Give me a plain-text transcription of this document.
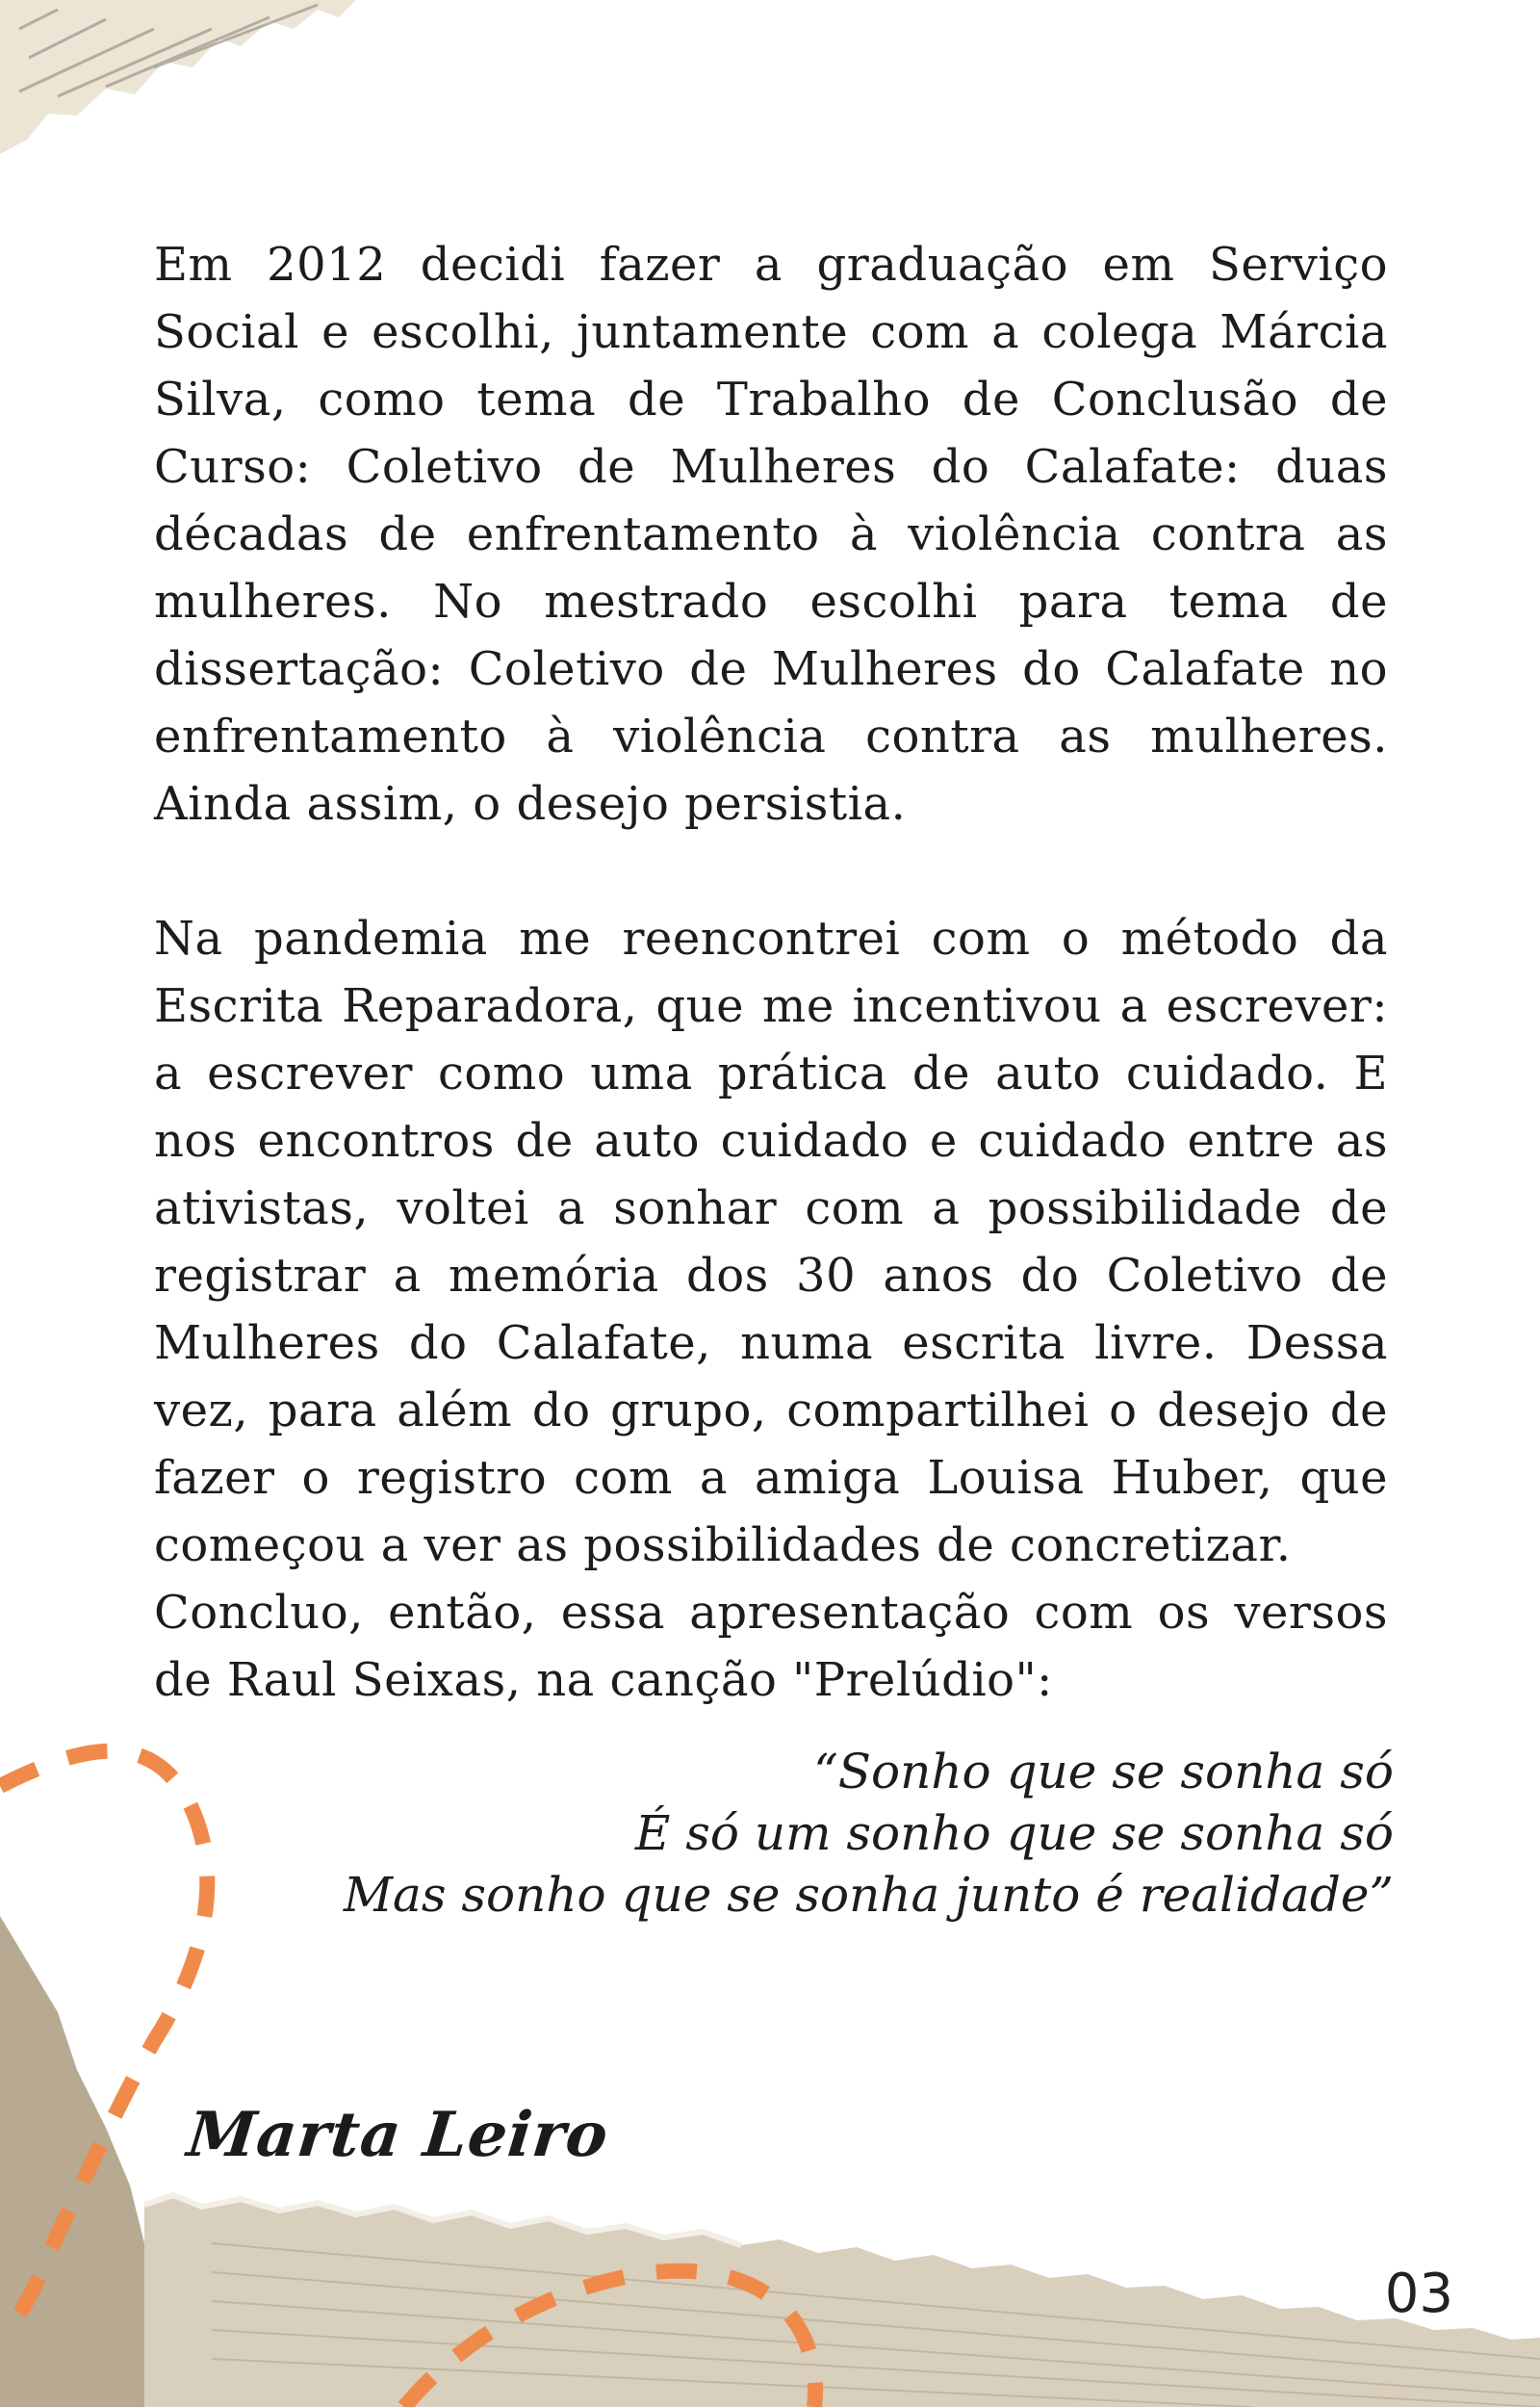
Em 2012 decidi fazer a graduação em Serviço Social e escolhi, juntamente com a colega Márcia Silva, como tema de Trabalho de Conclusão de Curso: Coletivo de Mulheres do Calafate: duas décadas de enfrentamento à violência contra as mulheres. No mestrado escolhi para tema de dissertação: Coletivo de Mulheres do Calafate no enfrentamento à violência contra as mulheres. Ainda assim, o desejo persistia.

Na pandemia me reencontrei com o método da Escrita Reparadora, que me incentivou a escrever: a escrever como uma prática de auto cuidado. E nos encontros de auto cuidado e cuidado entre as ativistas, voltei a sonhar com a possibilidade de registrar a memória dos 30 anos do Coletivo de Mulheres do Calafate, numa escrita livre. Dessa vez, para além do grupo, compartilhei o desejo de fazer o registro com a amiga Louisa Huber, que começou a ver as possibilidades de concretizar.

Concluo, então, essa apresentação com os versos de Raul Seixas, na canção "Prelúdio":

“Sonho que se sonha só
É só um sonho que se sonha só
Mas sonho que se sonha junto é realidade”
Marta Leiro
03
